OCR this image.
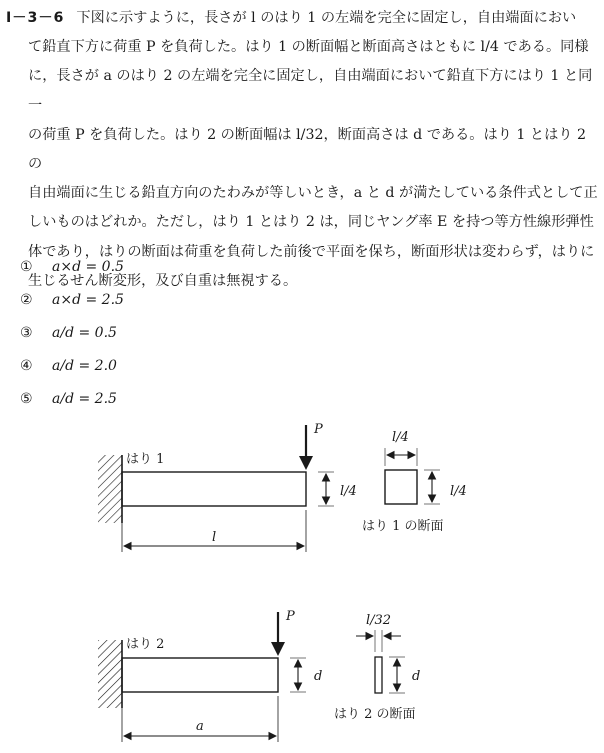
I－3－6 下図に示すように，長さが l のはり 1 の左端を完全に固定し，自由端面におい

て鉛直下方に荷重 P を負荷した。はり 1 の断面幅と断面高さはともに l/4 である。同様

に，長さが a のはり 2 の左端を完全に固定し，自由端面において鉛直下方にはり 1 と同一

の荷重 P を負荷した。はり 2 の断面幅は l/32，断面高さは d である。はり 1 とはり 2 の

自由端面に生じる鉛直方向のたわみが等しいとき，a と d が満たしている条件式として正

しいものはどれか。ただし，はり 1 とはり 2 は，同じヤング率 E を持つ等方性線形弾性

体であり，はりの断面は荷重を負荷した前後で平面を保ち，断面形状は変わらず，はりに

生じるせん断変形，及び自重は無視する。

①	a×d = 0.5
②	a×d = 2.5
③	a/d = 0.5
④	a/d = 2.0
⑤	a/d = 2.5
はり 1
P
l/4
l
l/4
l/4
はり 1 の断面
はり 2
P
d
a
l/32
d
はり 2 の断面
